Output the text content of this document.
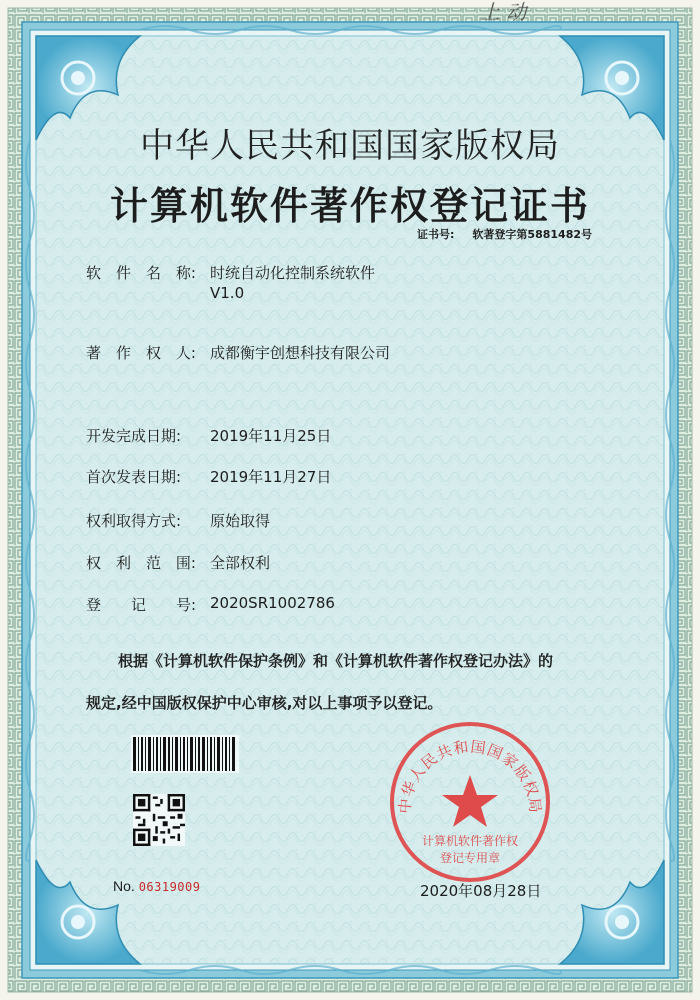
上 动
中华人民共和国国家版权局
计算机软件著作权登记证书
证书号: 软著登字第5881482号
软 件 名 称: 时统自动化控制系统软件
V1.0
著 作 权 人: 成都衡宇创想科技有限公司
开发完成日期: 2019年11月25日
首次发表日期: 2019年11月27日
权利取得方式: 原始取得
权 利 范 围: 全部权利
登 记 号: 2020SR1002786
根据《计算机软件保护条例》和《计算机软件著作权登记办法》的
规定,经中国版权保护中心审核,对以上事项予以登记。
No. 06319009
中华人民共和国国家版权局
计算机软件著作权
登记专用章
2020年08月28日
